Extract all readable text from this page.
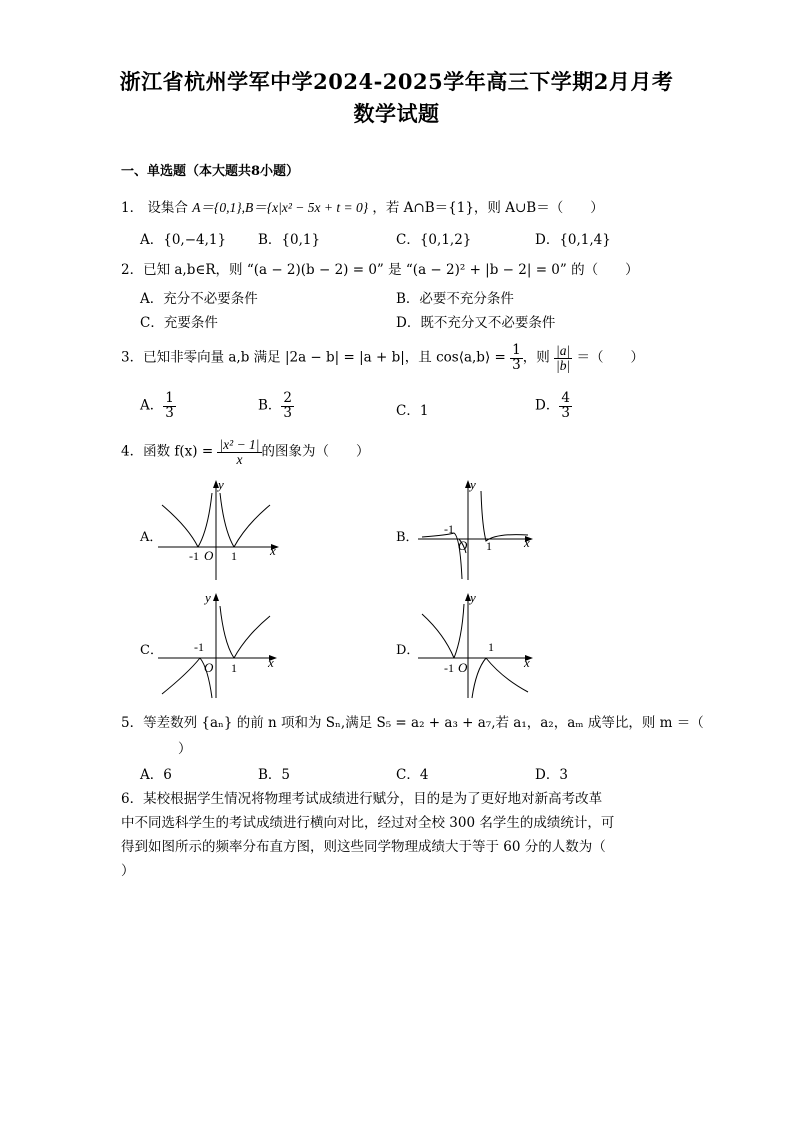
浙江省杭州学军中学2024-2025学年高三下学期2月月考
数学试题
一、单选题（本大题共8小题）
1． 设集合 A＝{0,1},B＝{x|x² − 5x + t = 0} ，若 A∩B＝{1}，则 A∪B＝（　　）
A．{0,−4,1} B．{0,1}	C．{0,1,2}	D．{0,1,4}
2．已知 a,b∈R，则 “(a − 2)(b − 2) = 0” 是 “(a − 2)² + |b − 2| = 0” 的（　　）
A．充分不必要条件	B．必要不充分条件
C．充要条件	D．既不充分又不必要条件
3．已知非零向量 a,b 满足 |2a − b| = |a + b|，且 cos⟨a,b⟩ = $\frac{1}{3}$ ，则 $\frac{|a|}{|b|}$ ＝（　　）
A． $\frac{1}{3}$	B． $\frac{2}{3}$	C．1	D． $\frac{4}{3}$
4．函数 $f(x) = \frac{\text{|x² − 1|}}{x}$ 的图象为（　　）
A．
y
x
O
-1	1
B．
y
x
O
-1
1
C．
y
x
O
-1
1
D．
y
x
O
-1
1
5．等差数列 {aₙ} 的前 n 项和为 Sₙ,满足 S₅ = a₂ + a₃ + a₇,若 a₁，a₂，aₘ 成等比，则 m ＝（
）
A．6	B．5	C．4	D．3
6．某校根据学生情况将物理考试成绩进行赋分，目的是为了更好地对新高考改革
中不同选科学生的考试成绩进行横向对比，经过对全校 300 名学生的成绩统计，可
得到如图所示的频率分布直方图，则这些同学物理成绩大于等于 60 分的人数为（
）
